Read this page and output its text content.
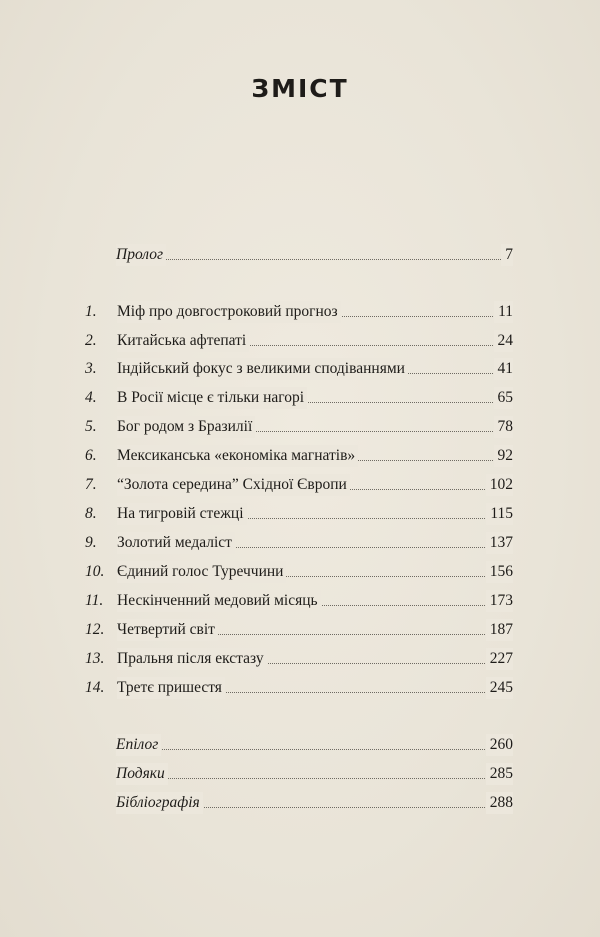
ЗМІСТ
Пролог	7
1. Міф про довгостроковий прогноз	11
2. Китайська афтепаті	24
3. Індійський фокус з великими сподіваннями	41
4. В Росії місце є тільки нагорі	65
5. Бог родом з Бразилії	78
6. Мексиканська «економіка магнатів»	92
7. “Золота середина” Східної Європи	102
8. На тигровій стежці	115
9. Золотий медаліст	137
10. Єдиний голос Туреччини	156
11. Нескінченний медовий місяць	173
12. Четвертий світ	187
13. Пральня після екстазу	227
14. Третє пришестя	245
Епілог	260
Подяки	285
Бібліографія	288
